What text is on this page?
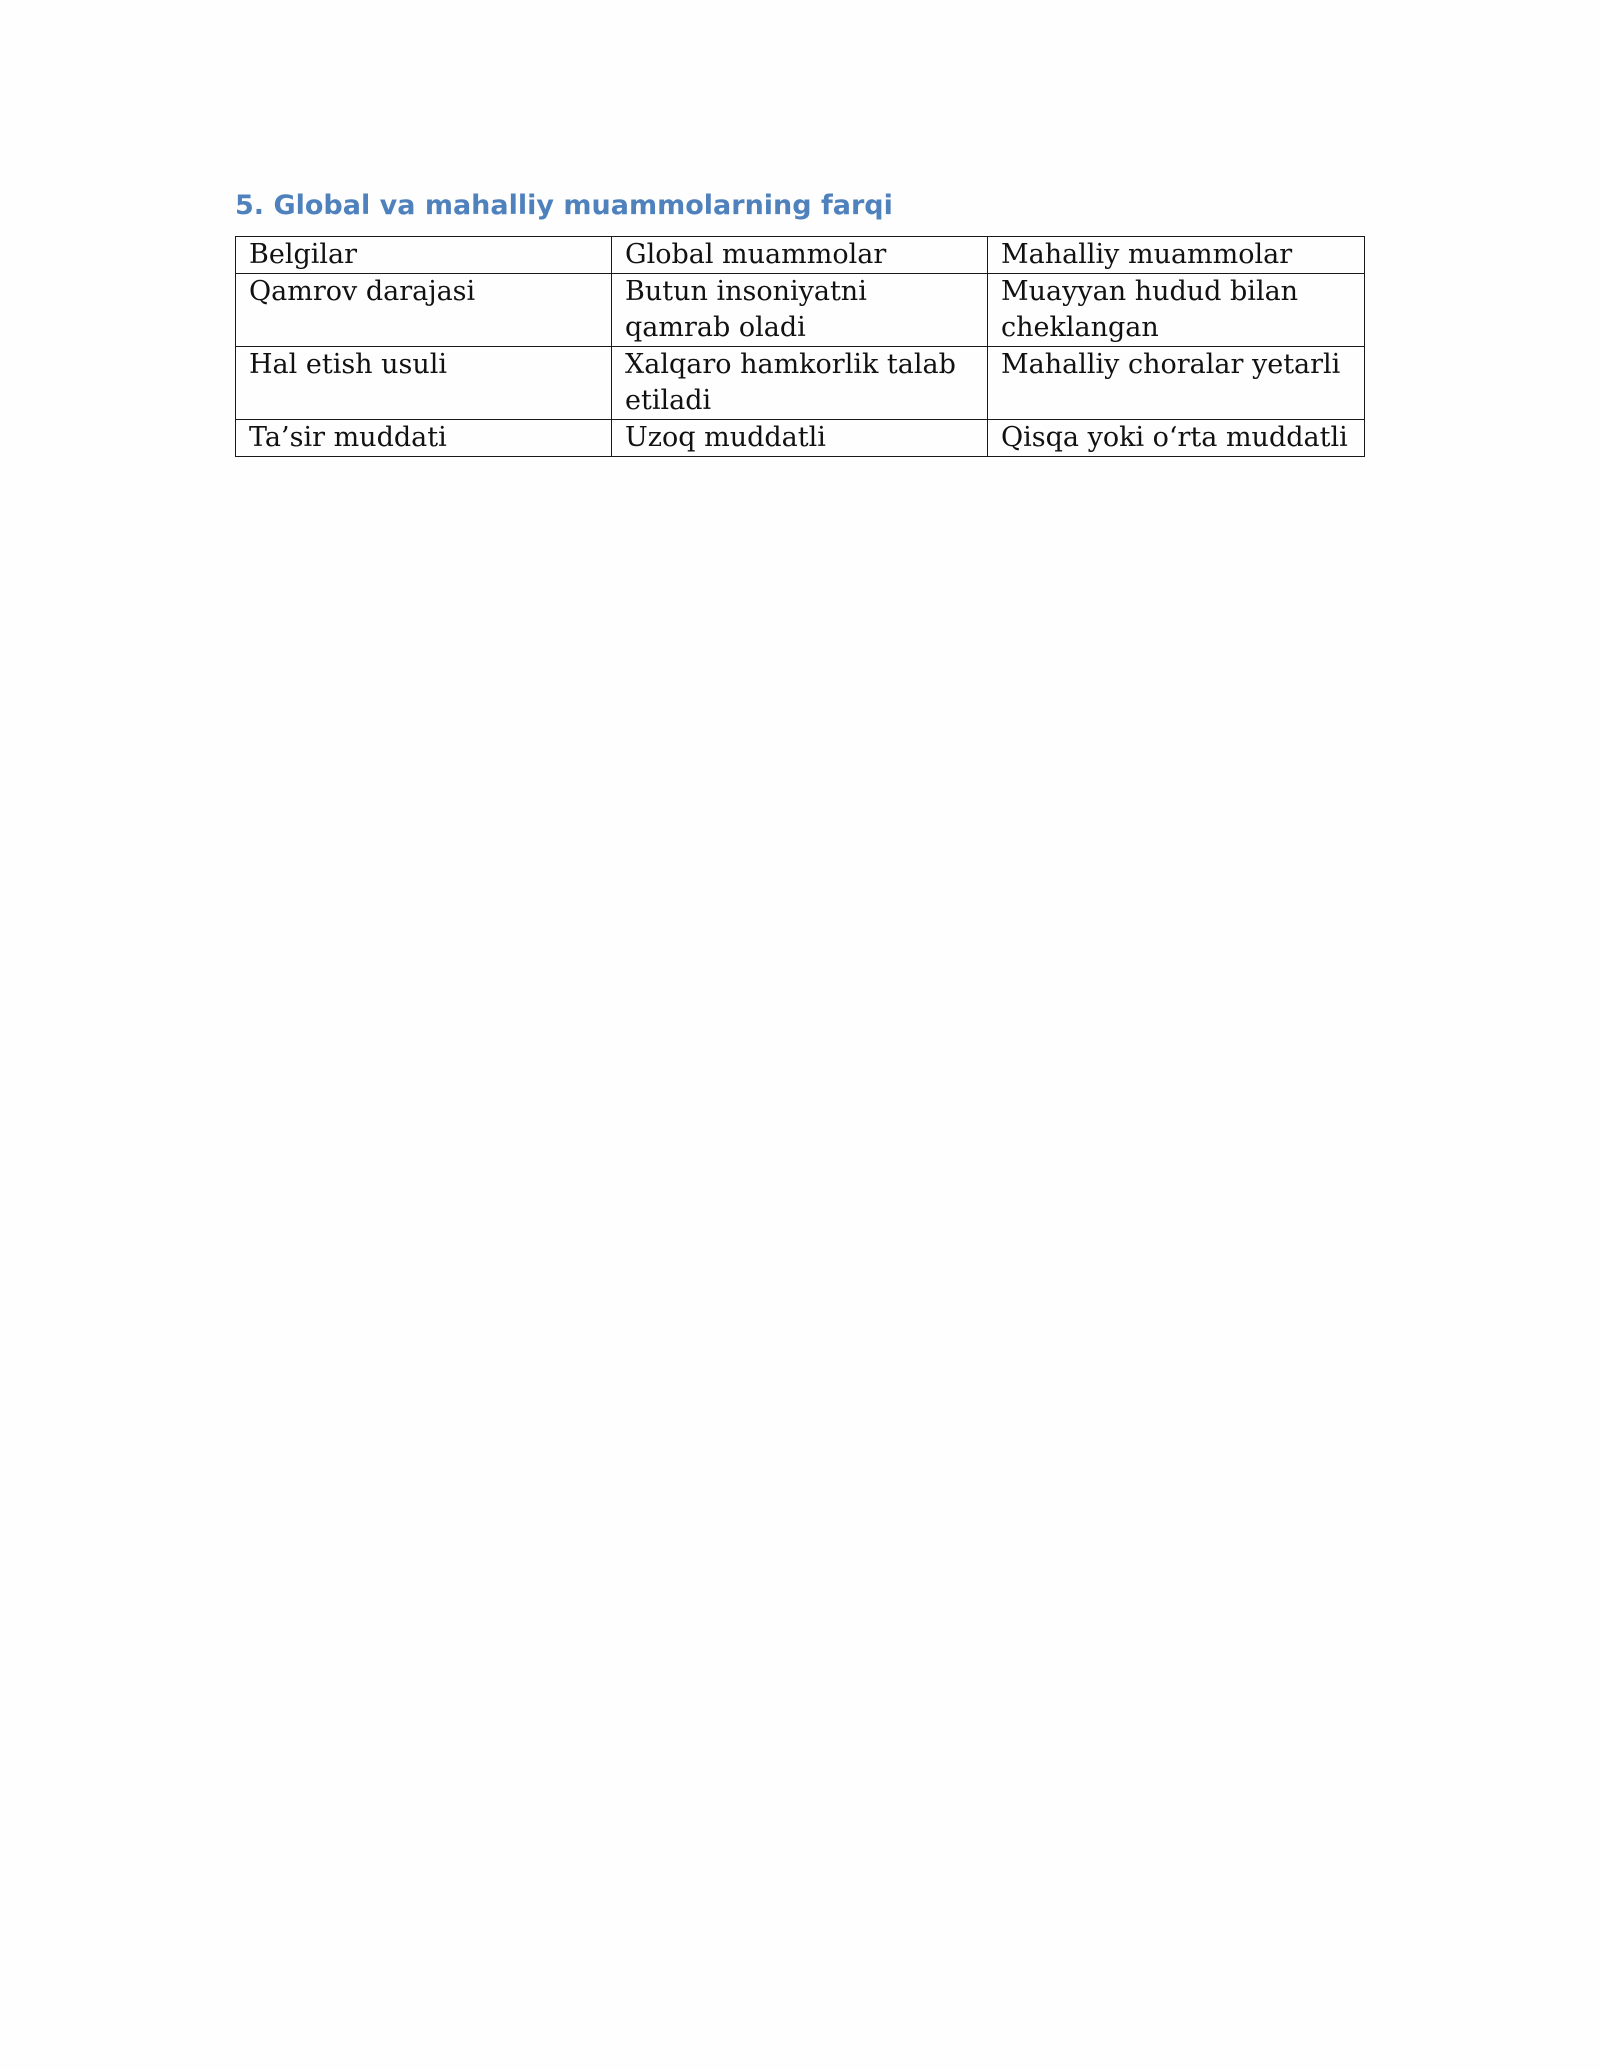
5. Global va mahalliy muammolarning farqi
Belgilar	Global muammolar	Mahalliy muammolar
Qamrov darajasi	Butun insoniyatni qamrab oladi	Muayyan hudud bilan cheklangan
Hal etish usuli	Xalqaro hamkorlik talab etiladi	Mahalliy choralar yetarli
Ta’sir muddati	Uzoq muddatli	Qisqa yoki o‘rta muddatli
